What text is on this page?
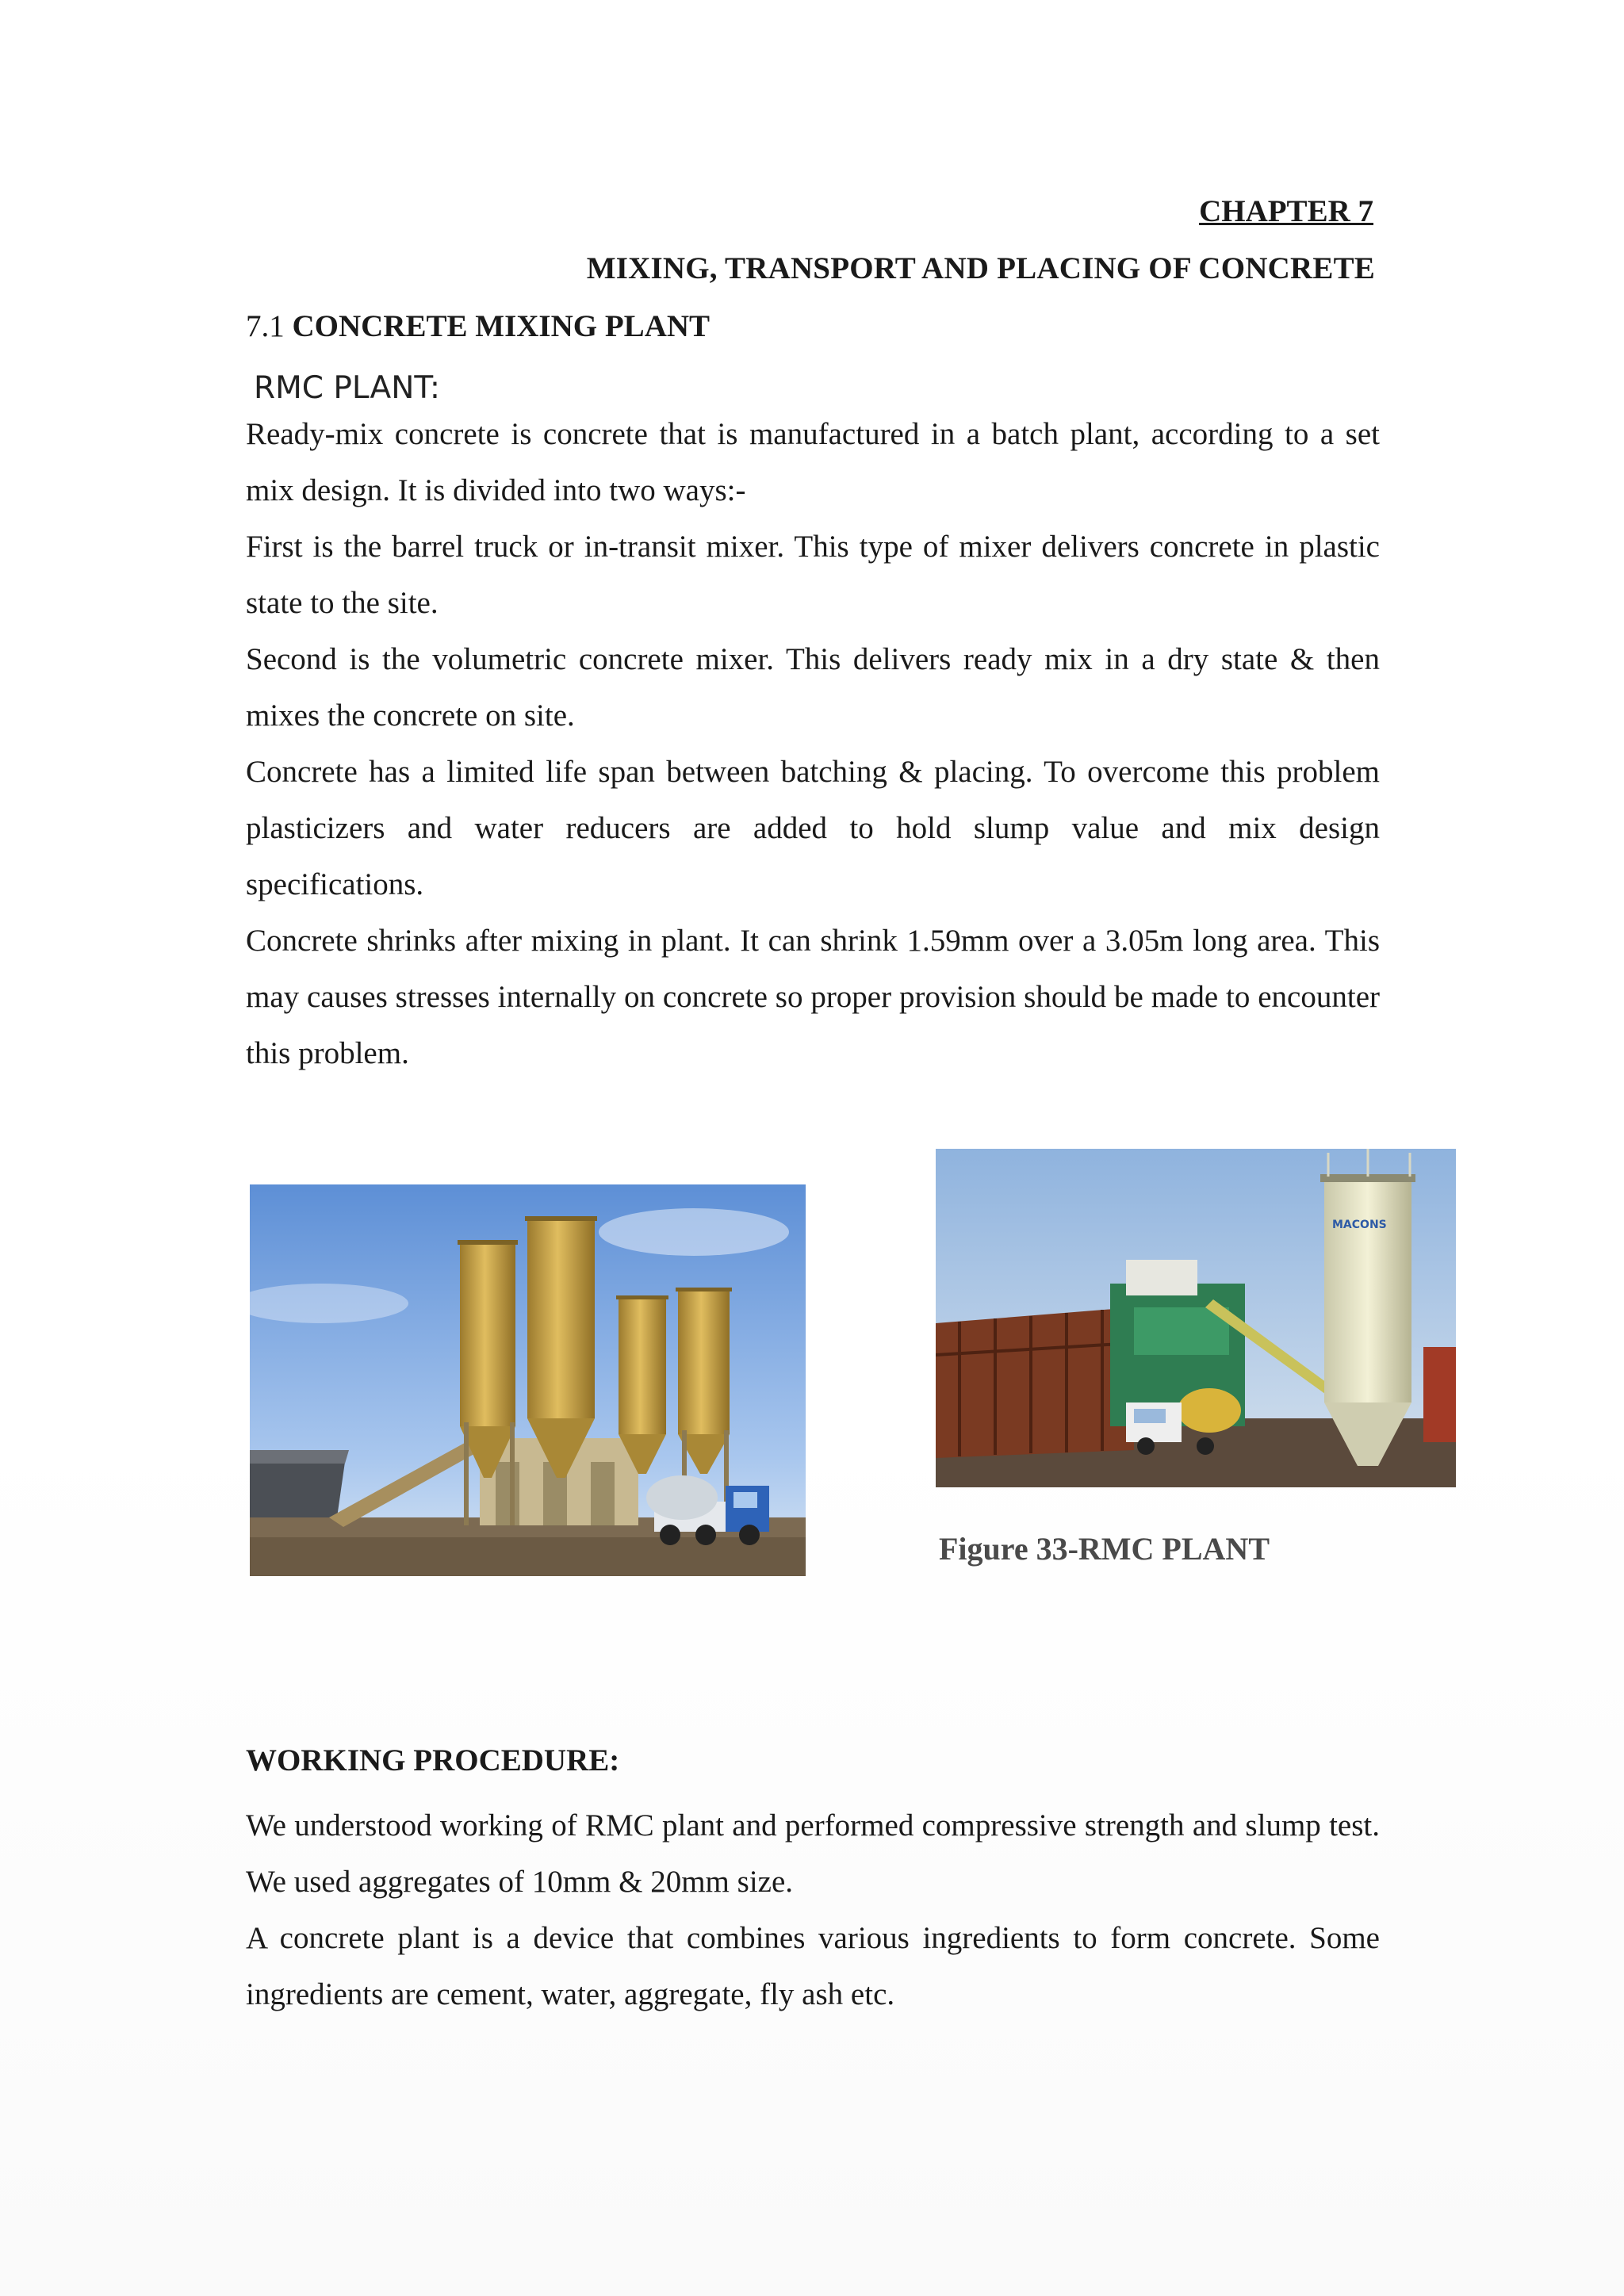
CHAPTER 7
MIXING, TRANSPORT AND PLACING OF CONCRETE
7.1 CONCRETE MIXING PLANT
RMC PLANT:

Ready-mix concrete is concrete that is manufactured in a batch plant, according to a set mix design. It is divided into two ways:-

First is the barrel truck or in-transit mixer. This type of mixer delivers concrete in plastic state to the site.

Second is the volumetric concrete mixer. This delivers ready mix in a dry state & then mixes the concrete on site.

Concrete has a limited life span between batching & placing. To overcome this problem plasticizers and water reducers are added to hold slump value and mix design specifications.

Concrete shrinks after mixing in plant. It can shrink 1.59mm over a 3.05m long area. This may causes stresses internally on concrete so proper provision should be made to encounter this problem.

MACONS
Figure 33-RMC PLANT
WORKING PROCEDURE:

We understood working of RMC plant and performed compressive strength and slump test. We used aggregates of 10mm & 20mm size.

A concrete plant is a device that combines various ingredients to form concrete. Some ingredients are cement, water, aggregate, fly ash etc.
